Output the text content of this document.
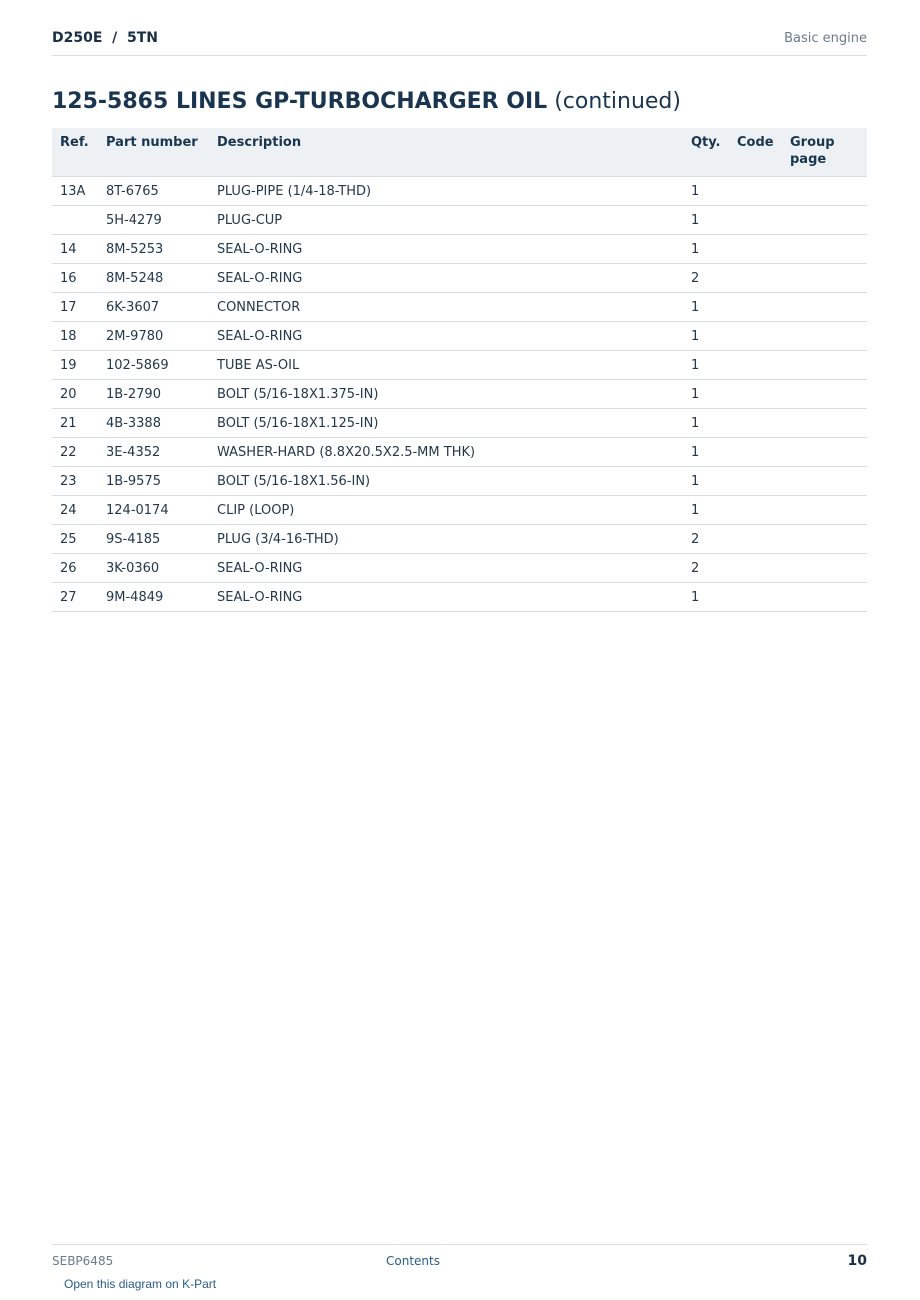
D250E  /  5TN	Basic engine
125-5865 LINES GP-TURBOCHARGER OIL (continued)
Ref.	Part number	Description	Qty.	Code	Group page
13A	8T-6765	PLUG-PIPE (1/4-18-THD)	1		
	5H-4279	PLUG-CUP	1		
14	8M-5253	SEAL-O-RING	1		
16	8M-5248	SEAL-O-RING	2		
17	6K-3607	CONNECTOR	1		
18	2M-9780	SEAL-O-RING	1		
19	102-5869	TUBE AS-OIL	1		
20	1B-2790	BOLT (5/16-18X1.375-IN)	1		
21	4B-3388	BOLT (5/16-18X1.125-IN)	1		
22	3E-4352	WASHER-HARD (8.8X20.5X2.5-MM THK)	1		
23	1B-9575	BOLT (5/16-18X1.56-IN)	1		
24	124-0174	CLIP (LOOP)	1		
25	9S-4185	PLUG (3/4-16-THD)	2		
26	3K-0360	SEAL-O-RING	2		
27	9M-4849	SEAL-O-RING	1		
SEBP6485	Contents	10
Open this diagram on K-Part
